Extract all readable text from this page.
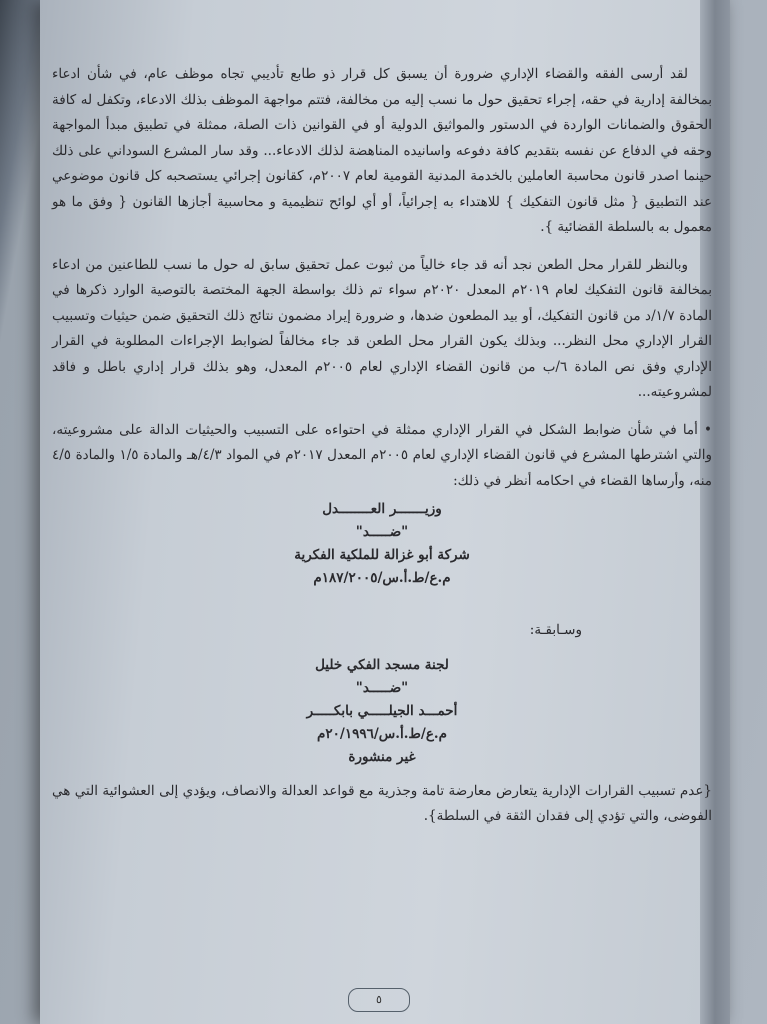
لقد أرسى الفقه والقضاء الإداري ضرورة أن يسبق كل قرار ذو طابع تأديبي تجاه موظف عام، في شأن ادعاء بمخالفة إدارية في حقه، إجراء تحقيق حول ما نسب إليه من مخالفة، فتتم مواجهة الموظف بذلك الادعاء، وتكفل له كافة الحقوق والضمانات الواردة في الدستور والمواثيق الدولية أو في القوانين ذات الصلة، ممثلة في تطبيق مبدأ المواجهة وحقه في الدفاع عن نفسه بتقديم كافة دفوعه واسانيده المناهضة لذلك الادعاء... وقد سار المشرع السوداني على ذلك حينما اصدر قانون محاسبة العاملين بالخدمة المدنية القومية لعام ٢٠٠٧م، كقانون إجرائي يستصحبه كل قانون موضوعي عند التطبيق { مثل قانون التفكيك } للاهتداء به إجرائياً، أو أي لوائح تنظيمية و محاسبية أجازها القانون { وفق ما هو معمول به بالسلطة القضائية }.

وبالنظر للقرار محل الطعن نجد أنه قد جاء خالياً من ثبوت عمل تحقيق سابق له حول ما نسب للطاعنين من ادعاء بمخالفة قانون التفكيك لعام ٢٠١٩م المعدل ٢٠٢٠م سواء تم ذلك بواسطة الجهة المختصة بالتوصية الوارد ذكرها في المادة ١/٧/د من قانون التفكيك، أو بيد المطعون ضدها، و ضرورة إيراد مضمون نتائج ذلك التحقيق ضمن حيثيات وتسبيب القرار الإداري محل النظر... وبذلك يكون القرار محل الطعن قد جاء مخالفاً لضوابط الإجراءات المطلوبة في القرار الإداري وفق نص المادة ٦/ب من قانون القضاء الإداري لعام ٢٠٠٥م المعدل، وهو بذلك قرار إداري باطل و فاقد لمشروعيته...

• أما في شأن ضوابط الشكل في القرار الإداري ممثلة في احتواءه على التسبيب والحيثيات الدالة على مشروعيته، والتي اشترطها المشرع في قانون القضاء الإداري لعام ٢٠٠٥م المعدل ٢٠١٧م في المواد ٤/٣/هـ والمادة ١/٥ والمادة ٤/٥ منه، وأرساها القضاء في احكامه أنظر في ذلك:

وزيـــــــر العــــــــدل
"ضـــــد"
شركة أبو غزالة للملكية الفكرية
م.ع/ط.أ.س/١٨٧/٢٠٠٥م
وسـابقـة:
لجنة مسجد الفكي خليل
"ضـــــد"
أحمـــد الجيلـــــي بابكـــــر
م.ع/ط.أ.س/٢٠/١٩٩٦م
غير منشورة

{عدم تسبيب القرارات الإدارية يتعارض معارضة تامة وجذرية مع قواعد العدالة والانصاف، ويؤدي إلى العشوائية التي هي الفوضى، والتي تؤدي إلى فقدان الثقة في السلطة}.

٥
